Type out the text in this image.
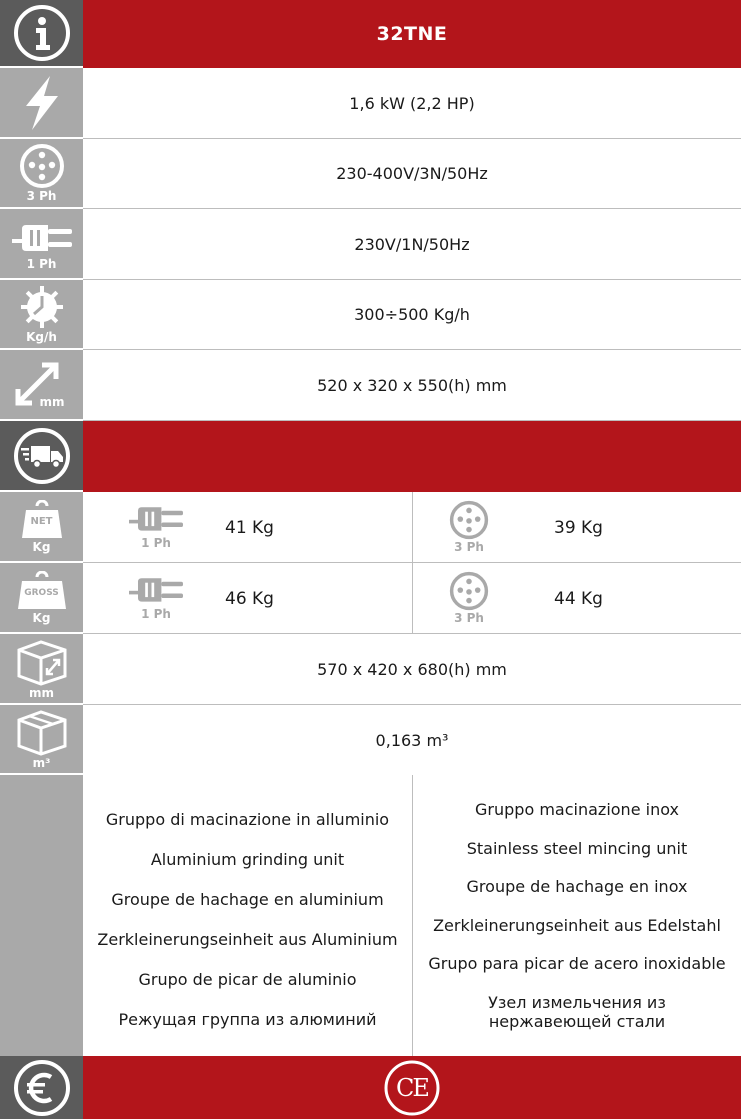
32TNE
1,6 kW (2,2 HP)
3 Ph
230-400V/3N/50Hz
1 Ph
230V/1N/50Hz
Kg/h
300÷500 Kg/h
mm
520 x 320 x 550(h) mm
NET
Kg	1 Ph
41 Kg
3 Ph
39 Kg
GROSS
Kg	1 Ph
46 Kg
3 Ph
44 Kg
mm
570 x 420 x 680(h) mm
m³
0,163 m³
Gruppo di macinazione in alluminio
Aluminium grinding unit
Groupe de hachage en aluminium
Zerkleinerungseinheit aus Aluminium
Grupo de picar de aluminio
Режущая группа из алюминий
Gruppo macinazione inox
Stainless steel mincing unit
Groupe de hachage en inox
Zerkleinerungseinheit aus Edelstahl
Grupo para picar de acero inoxidable
Узел измельчения из нержавеющей стали
CE
